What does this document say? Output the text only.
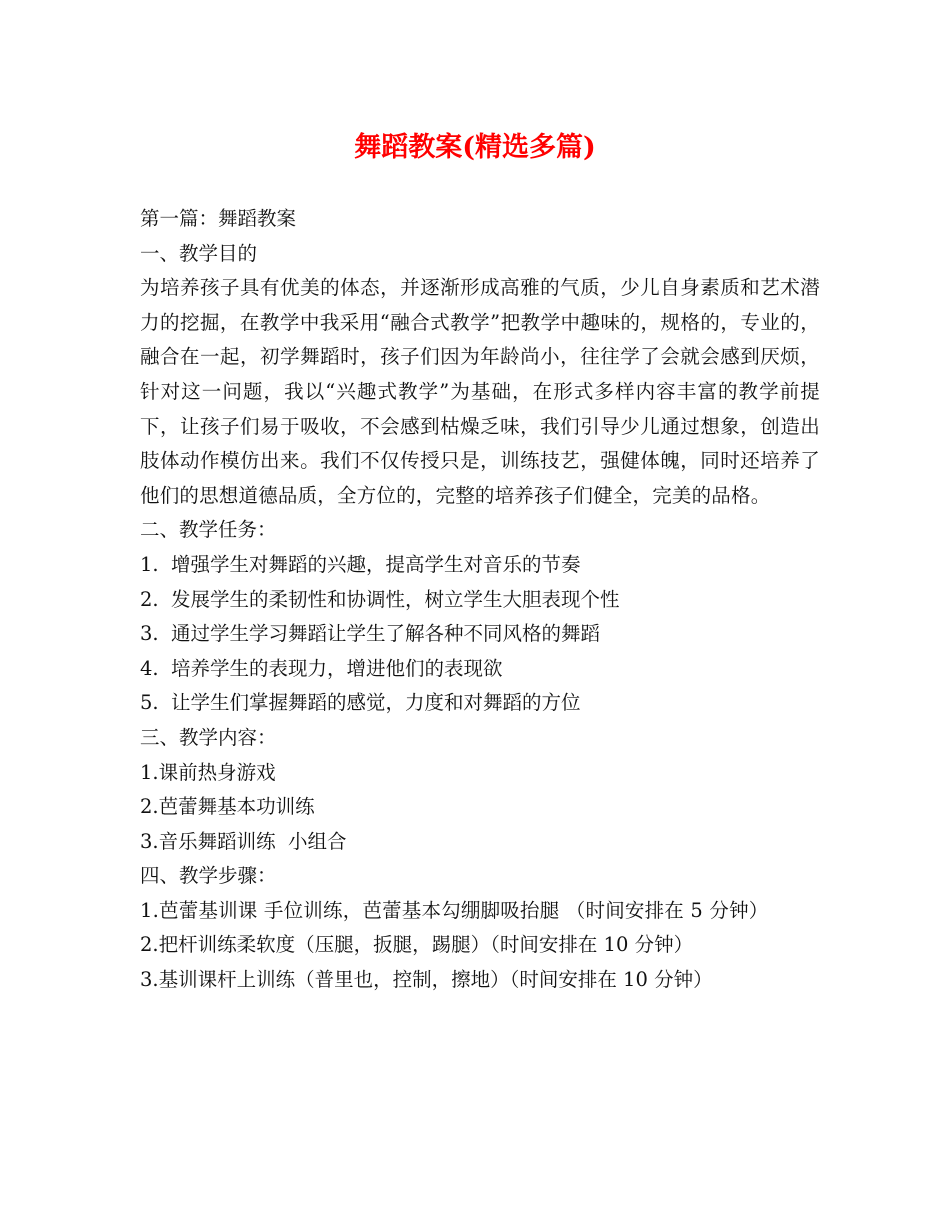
舞蹈教案(精选多篇)

第一篇：舞蹈教案

一、教学目的

为培养孩子具有优美的体态，并逐渐形成高雅的气质，少儿自身素质和艺术潜力的挖掘，在教学中我采用“融合式教学”把教学中趣味的，规格的，专业的，融合在一起，初学舞蹈时，孩子们因为年龄尚小，往往学了会就会感到厌烦，针对这一问题，我以“兴趣式教学”为基础，在形式多样内容丰富的教学前提下，让孩子们易于吸收，不会感到枯燥乏味，我们引导少儿通过想象，创造出肢体动作模仿出来。我们不仅传授只是，训练技艺，强健体魄，同时还培养了他们的思想道德品质，全方位的，完整的培养孩子们健全，完美的品格。

二、教学任务：

1.  增强学生对舞蹈的兴趣，提高学生对音乐的节奏

2.  发展学生的柔韧性和协调性，树立学生大胆表现个性

3.  通过学生学习舞蹈让学生了解各种不同风格的舞蹈

4.  培养学生的表现力，增进他们的表现欲

5.  让学生们掌握舞蹈的感觉，力度和对舞蹈的方位

三、教学内容：

1.课前热身游戏

2.芭蕾舞基本功训练

3.音乐舞蹈训练  小组合

四、教学步骤：

1.芭蕾基训课 手位训练，芭蕾基本勾绷脚吸抬腿 （时间安排在 5 分钟）

2.把杆训练柔软度（压腿，扳腿，踢腿）（时间安排在 10 分钟）

3.基训课杆上训练（普里也，控制，擦地）（时间安排在 10 分钟）
